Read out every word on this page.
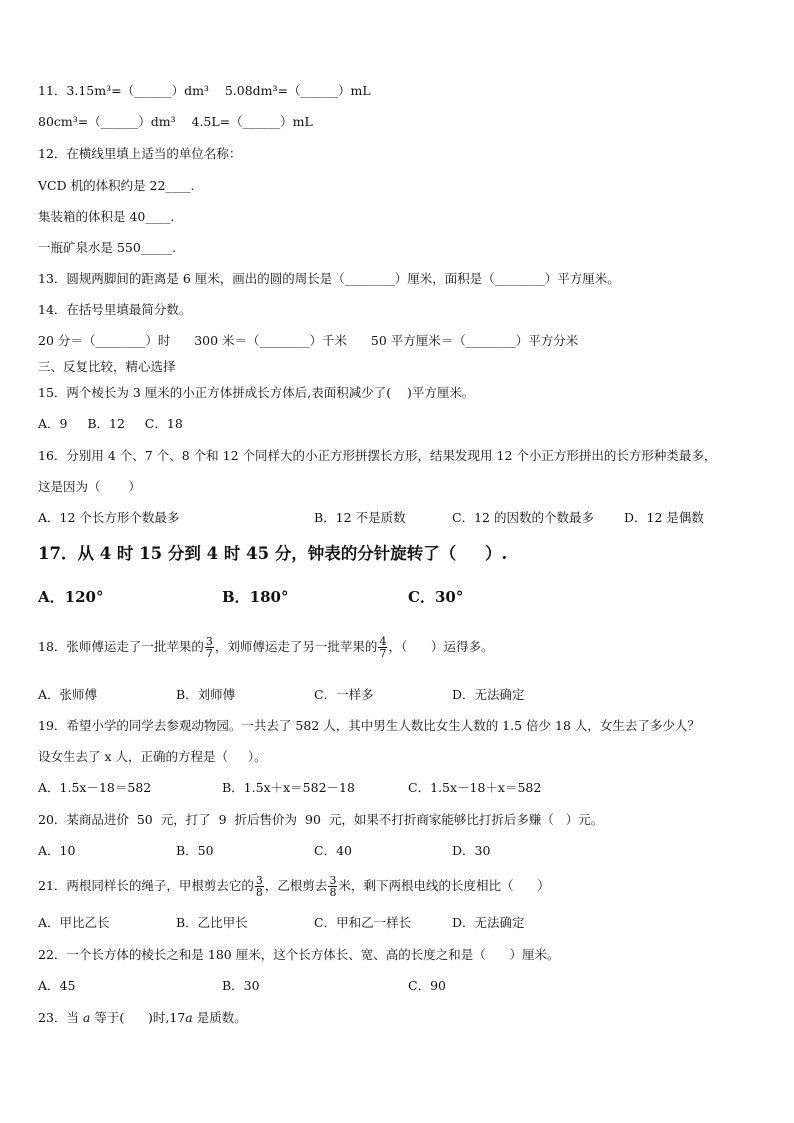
11．3.15m³=（______）dm³    5.08dm³=（______）mL
80cm³=（______）dm³    4.5L=（______）mL
12．在横线里填上适当的单位名称：
VCD 机的体积约是 22____.
集装箱的体积是 40____.
一瓶矿泉水是 550_____.
13．圆规两脚间的距离是 6 厘米，画出的圆的周长是（________）厘米，面积是（________）平方厘米。
14．在括号里填最简分数。
20 分＝（________）时      300 米＝（________）千米      50 平方厘米＝（________）平方分米
三、反复比较，精心选择
15．两个棱长为 3 厘米的小正方体拼成长方体后,表面积减少了(    )平方厘米。
A．9     B．12     C．18
16．分别用 4 个、7 个、8 个和 12 个同样大的小正方形拼摆长方形，结果发现用 12 个小正方形拼出的长方形种类最多，
这是因为（       ）
A．12 个长方形个数最多	B．12 不是质数	C．12 的因数的个数最多 D．12 是偶数
17．从 4 时 15 分到 4 时 45 分，钟表的分针旋转了（     ）.
A．120°	B．180°	C．30°
18．张师傅运走了一批苹果的 $\frac{3}{7}$ ，刘师傅运走了另一批苹果的 $\frac{4}{7}$ ，（      ）运得多。
A．张师傅	B．刘师傅	C．一样多	D．无法确定
19．希望小学的同学去参观动物园。一共去了 582 人，其中男生人数比女生人数的 1.5 倍少 18 人，女生去了多少人？
设女生去了 x 人，正确的方程是（     ）。
A．1.5x－18＝582	B．1.5x＋x＝582－18	C．1.5x－18＋x＝582
20．某商品进价  50  元，打了  9  折后售价为  90  元，如果不打折商家能够比打折后多赚（   ）元。
A．10	B．50	C．40	D．30
21．两根同样长的绳子，甲根剪去它的 $\frac{3}{8}$ ，乙根剪去 $\frac{3}{8}$ 米，剩下两根电线的长度相比（      ）
A．甲比乙长	B．乙比甲长	C．甲和乙一样长	D．无法确定
22．一个长方体的棱长之和是 180 厘米，这个长方体长、宽、高的长度之和是（      ）厘米。
A．45	B．30	C．90
23．当 a 等于(      )时,17a 是质数。
